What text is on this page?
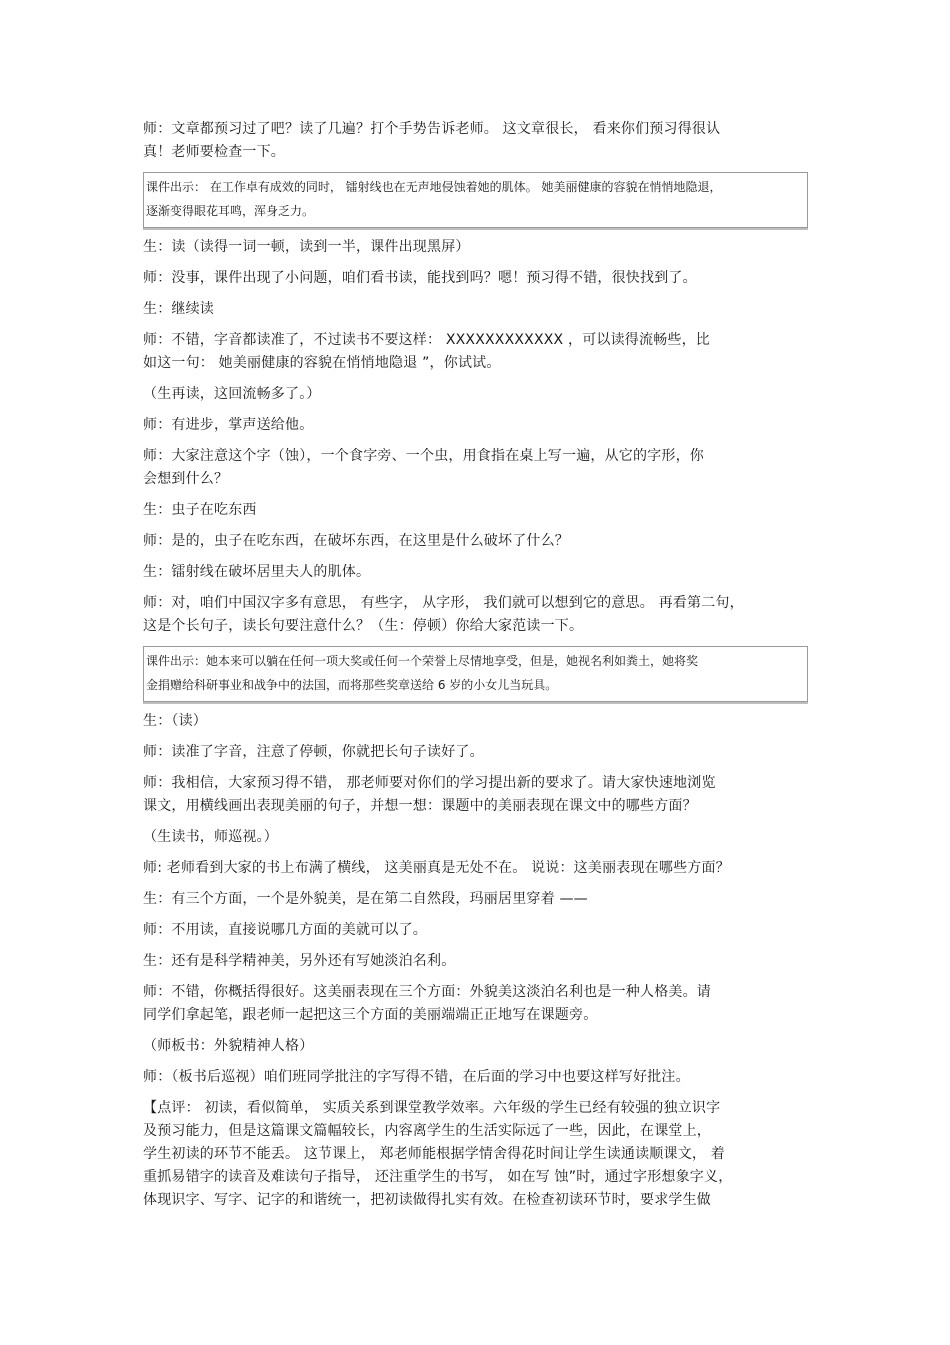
师：文章都预习过了吧？读了几遍？打个手势告诉老师。 这文章很长， 看来你们预习得很认
真！老师要检查一下。
课件出示： 在工作卓有成效的同时， 镭射线也在无声地侵蚀着她的肌体。 她美丽健康的容貌在悄悄地隐退，
逐渐变得眼花耳鸣，浑身乏力。
生：读（读得一词一顿，读到一半，课件出现黑屏）
师：没事，课件出现了小问题，咱们看书读，能找到吗？嗯！预习得不错，很快找到了。
生：继续读
师：不错，字音都读准了，不过读书不要这样： XXXXXXXXXXXX ，可以读得流畅些，比
如这一句： 她美丽健康的容貌在悄悄地隐退 ”，你试试。
（生再读，这回流畅多了。）
师：有进步，掌声送给他。
师：大家注意这个字（蚀），一个食字旁、一个虫，用食指在桌上写一遍，从它的字形，你
会想到什么？
生：虫子在吃东西
师：是的，虫子在吃东西，在破坏东西，在这里是什么破坏了什么？
生：镭射线在破坏居里夫人的肌体。
师：对，咱们中国汉字多有意思， 有些字， 从字形， 我们就可以想到它的意思。 再看第二句，
这是个长句子，读长句要注意什么？（生：停顿）你给大家范读一下。
课件出示：她本来可以躺在任何一项大奖或任何一个荣誉上尽情地享受，但是，她视名利如粪土，她将奖
金捐赠给科研事业和战争中的法国，而将那些奖章送给 6 岁的小女儿当玩具。
生：（读）
师：读准了字音，注意了停顿，你就把长句子读好了。
师：我相信，大家预习得不错， 那老师要对你们的学习提出新的要求了。请大家快速地浏览
课文，用横线画出表现美丽的句子，并想一想：课题中的美丽表现在课文中的哪些方面？
（生读书，师巡视。）
师: 老师看到大家的书上布满了横线， 这美丽真是无处不在。 说说：这美丽表现在哪些方面？
生：有三个方面，一个是外貌美，是在第二自然段，玛丽居里穿着 ——
师：不用读，直接说哪几方面的美就可以了。
生：还有是科学精神美，另外还有写她淡泊名利。
师：不错，你概括得很好。这美丽表现在三个方面：外貌美这淡泊名利也是一种人格美。请
同学们拿起笔，跟老师一起把这三个方面的美丽端端正正地写在课题旁。
（师板书：外貌精神人格）
师：（板书后巡视）咱们班同学批注的字写得不错，在后面的学习中也要这样写好批注。
【点评： 初读，看似简单， 实质关系到课堂教学效率。六年级的学生已经有较强的独立识字
及预习能力，但是这篇课文篇幅较长，内容离学生的生活实际远了一些，因此，在课堂上，
学生初读的环节不能丢。 这节课上， 郑老师能根据学情舍得花时间让学生读通读顺课文， 着
重抓易错字的读音及难读句子指导， 还注重学生的书写， 如在写 蚀”时，通过字形想象字义，
体现识字、写字、记字的和谐统一，把初读做得扎实有效。在检查初读环节时，要求学生做
